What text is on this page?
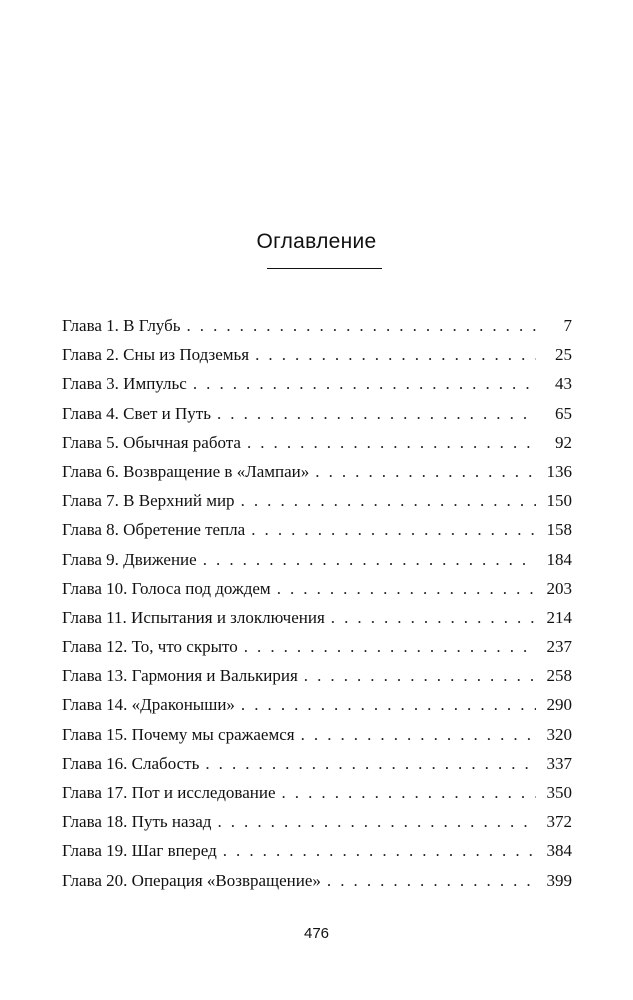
Оглавление
Глава 1. В Глубь . . .	7
Глава 2. Сны из Подземья . . .	25
Глава 3. Импульс . . .	43
Глава 4. Свет и Путь . . .	65
Глава 5. Обычная работа . . .	92
Глава 6. Возвращение в «Лампаи» . . .	136
Глава 7. В Верхний мир . . .	150
Глава 8. Обретение тепла . . .	158
Глава 9. Движение . . .	184
Глава 10. Голоса под дождем . . .	203
Глава 11. Испытания и злоключения . . .	214
Глава 12. То, что скрыто . . .	237
Глава 13. Гармония и Валькирия . . .	258
Глава 14. «Драконыши» . . .	290
Глава 15. Почему мы сражаемся . . .	320
Глава 16. Слабость . . .	337
Глава 17. Пот и исследование . . .	350
Глава 18. Путь назад . . .	372
Глава 19. Шаг вперед . . .	384
Глава 20. Операция «Возвращение» . . .	399
476
